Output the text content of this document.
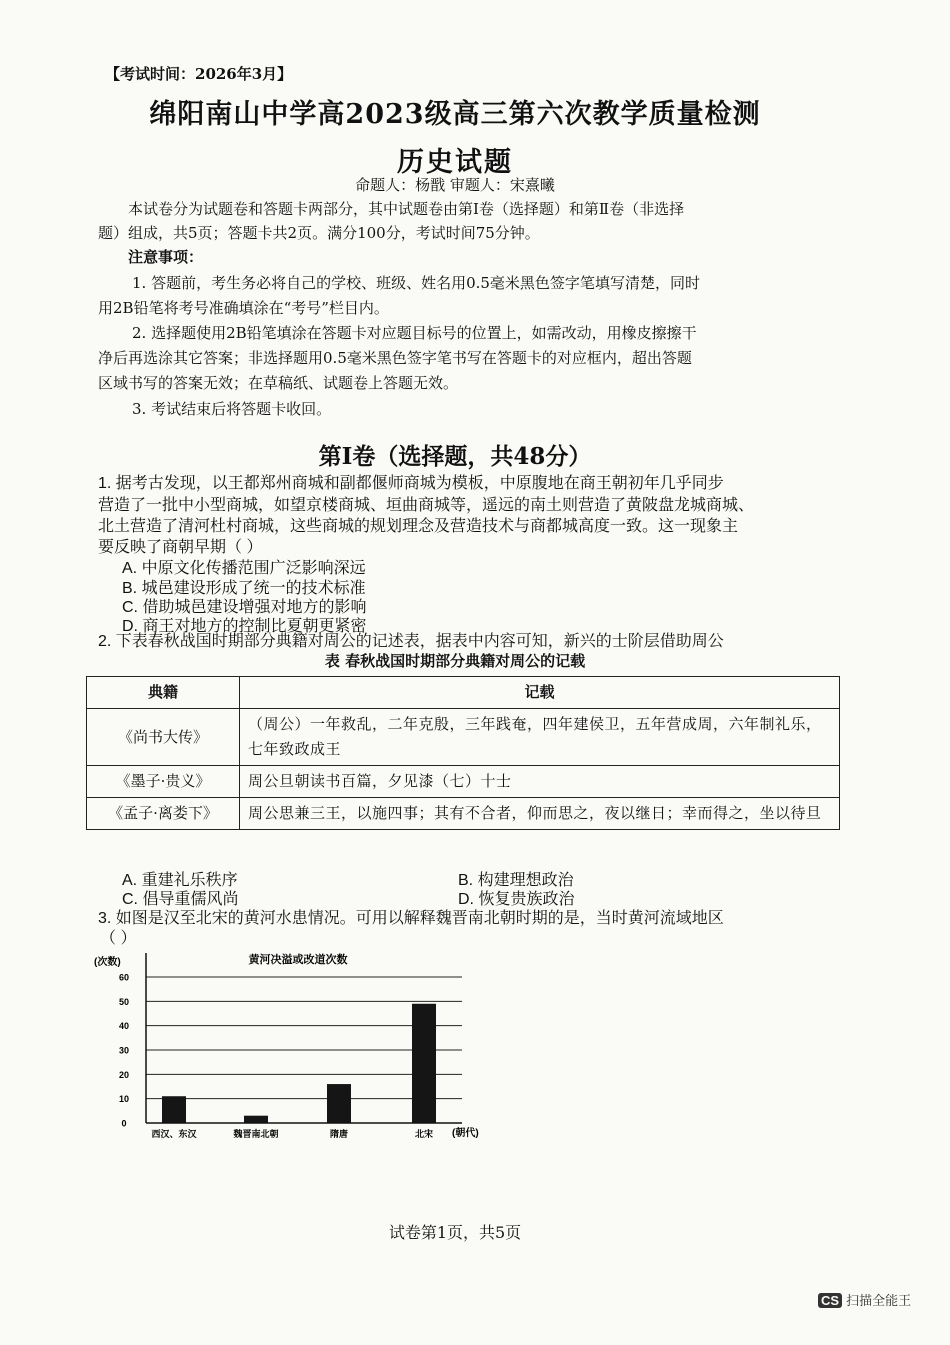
【考试时间：2026年3月】
绵阳南山中学高2023级高三第六次教学质量检测
历史试题
命题人：杨戬 审题人：宋熹曦
本试卷分为试题卷和答题卡两部分，其中试题卷由第Ⅰ卷（选择题）和第Ⅱ卷（非选择
题）组成，共5页；答题卡共2页。满分100分，考试时间75分钟。
注意事项：
1. 答题前，考生务必将自己的学校、班级、姓名用0.5毫米黑色签字笔填写清楚，同时
用2B铅笔将考号准确填涂在“考号”栏目内。
2. 选择题使用2B铅笔填涂在答题卡对应题目标号的位置上，如需改动，用橡皮擦擦干
净后再选涂其它答案；非选择题用0.5毫米黑色签字笔书写在答题卡的对应框内，超出答题
区域书写的答案无效；在草稿纸、试题卷上答题无效。
3. 考试结束后将答题卡收回。
第Ⅰ卷（选择题，共48分）
1. 据考古发现，以王都郑州商城和副都偃师商城为模板，中原腹地在商王朝初年几乎同步
营造了一批中小型商城，如望京楼商城、垣曲商城等，遥远的南土则营造了黄陂盘龙城商城、
北土营造了清河杜村商城，这些商城的规划理念及营造技术与商都城高度一致。这一现象主
要反映了商朝早期（ ）
A. 中原文化传播范围广泛影响深远
B. 城邑建设形成了统一的技术标准
C. 借助城邑建设增强对地方的影响
D. 商王对地方的控制比夏朝更紧密
2. 下表春秋战国时期部分典籍对周公的记述表，据表中内容可知，新兴的士阶层借助周公
表 春秋战国时期部分典籍对周公的记载
典籍	记载
《尚书大传》	（周公）一年救乱，二年克殷，三年践奄，四年建侯卫，五年营成周，六年制礼乐，七年致政成王
《墨子·贵义》	周公旦朝读书百篇，夕见漆（七）十士
《孟子·离娄下》	周公思兼三王，以施四事；其有不合者，仰而思之，夜以继日；幸而得之，坐以待旦
A. 重建礼乐秩序	B. 构建理想政治
C. 倡导重儒风尚	D. 恢复贵族政治
3. 如图是汉至北宋的黄河水患情况。可用以解释魏晋南北朝时期的是，当时黄河流域地区
（ ）
黄河决溢或改道次数
(次数)
(朝代)
0
10
20
30
40
50
60
西汉、东汉	魏晋南北朝	隋唐	北宋
试卷第1页，共5页
CS 扫描全能王
